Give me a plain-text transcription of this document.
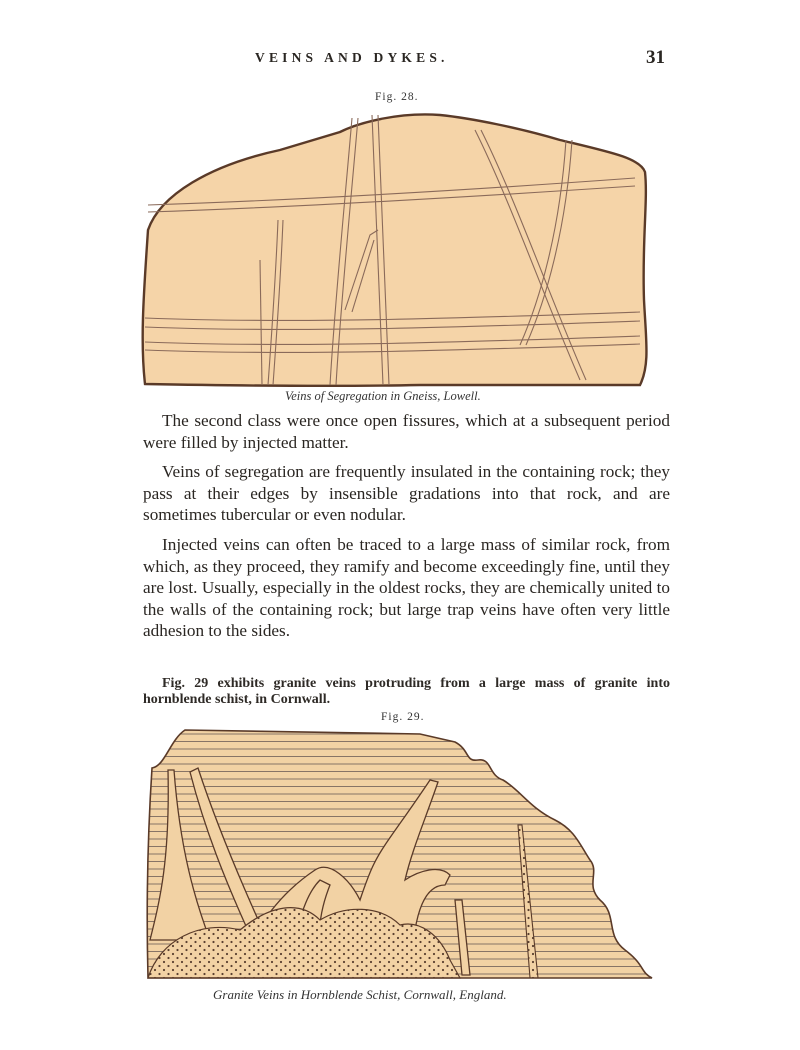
VEINS AND DYKES.	31
Fig. 28.
Veins of Segregation in Gneiss, Lowell.

The second class were once open fissures, which at a subsequent period were filled by injected matter.

Veins of segregation are frequently insulated in the containing rock; they pass at their edges by insensible gradations into that rock, and are sometimes tubercular or even nodular.

Injected veins can often be traced to a large mass of similar rock, from which, as they proceed, they ramify and become exceedingly fine, until they are lost. Usually, especially in the oldest rocks, they are chemically united to the walls of the containing rock; but large trap veins have often very little adhesion to the sides.

Fig. 29 exhibits granite veins protruding from a large mass of granite into hornblende schist, in Cornwall.

Fig. 29.
Granite Veins in Hornblende Schist, Cornwall, England.
